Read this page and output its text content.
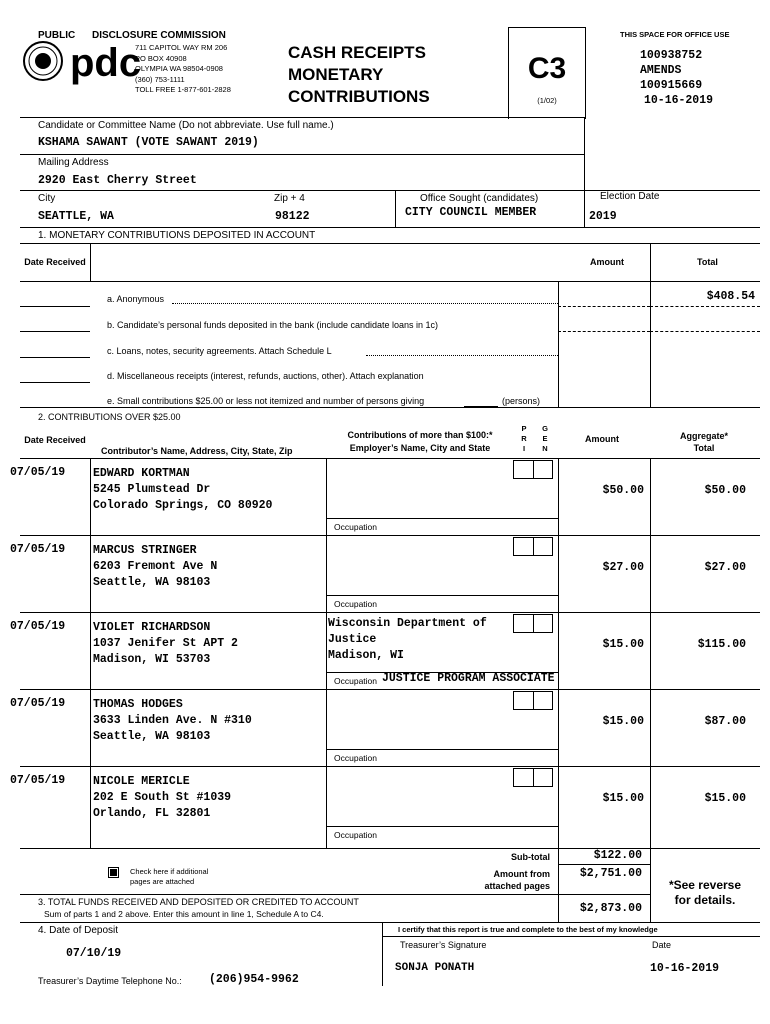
pdc
PUBLIC DISCLOSURE COMMISSION
711 CAPITOL WAY RM 206
PO BOX 40908
OLYMPIA WA 98504-0908
(360) 753-1111
TOLL FREE 1-877-601-2828
CASH RECEIPTS
MONETARY
CONTRIBUTIONS
C3
(1/02)
THIS SPACE FOR OFFICE USE
100938752
AMENDS
100915669
10-16-2019
Candidate or Committee Name (Do not abbreviate. Use full name.)
KSHAMA SAWANT (VOTE SAWANT 2019)
Mailing Address
2920 East Cherry Street
City
SEATTLE, WA
Zip + 4
98122
Office Sought (candidates)
CITY COUNCIL MEMBER
Election Date
2019
1. MONETARY CONTRIBUTIONS DEPOSITED IN ACCOUNT
Date Received	Amount	Total
a. Anonymous	$408.54
b. Candidate’s personal funds deposited in the bank (include candidate loans in 1c)
c. Loans, notes, security agreements. Attach Schedule L
d. Miscellaneous receipts (interest, refunds, auctions, other). Attach explanation
e. Small contributions $25.00 or less not itemized and number of persons giving	(persons)
2. CONTRIBUTIONS OVER $25.00
Date Received
Contributor’s Name, Address, City, State, Zip
Contributions of more than $100:*
Employer’s Name, City and State
P R I
G E N
Amount	Aggregate* Total
07/05/19 EDWARD KORTMAN
5245 Plumstead Dr
Colorado Springs, CO 80920
$50.00	$50.00
Occupation
07/05/19 MARCUS STRINGER
6203 Fremont Ave N
Seattle, WA 98103
$27.00	$27.00
Occupation
07/05/19 VIOLET RICHARDSON
1037 Jenifer St APT 2
Madison, WI 53703
Wisconsin Department of
Justice
Madison, WI
$15.00	$115.00
Occupation JUSTICE PROGRAM ASSOCIATE
07/05/19 THOMAS HODGES
3633 Linden Ave. N #310
Seattle, WA 98103
$15.00	$87.00
Occupation
07/05/19 NICOLE MERICLE
202 E South St #1039
Orlando, FL 32801
$15.00	$15.00
Occupation
Check here if additional
pages are attached
Sub-total	$122.00
Amount from
attached pages
$2,751.00
*See reverse
for details.
3. TOTAL FUNDS RECEIVED AND DEPOSITED OR CREDITED TO ACCOUNT
Sum of parts 1 and 2 above. Enter this amount in line 1, Schedule A to C4.	$2,873.00
4. Date of Deposit
07/10/19
I certify that this report is true and complete to the best of my knowledge
Treasurer’s Signature	Date
SONJA PONATH	10-16-2019
Treasurer’s Daytime Telephone No.: (206)954-9962
